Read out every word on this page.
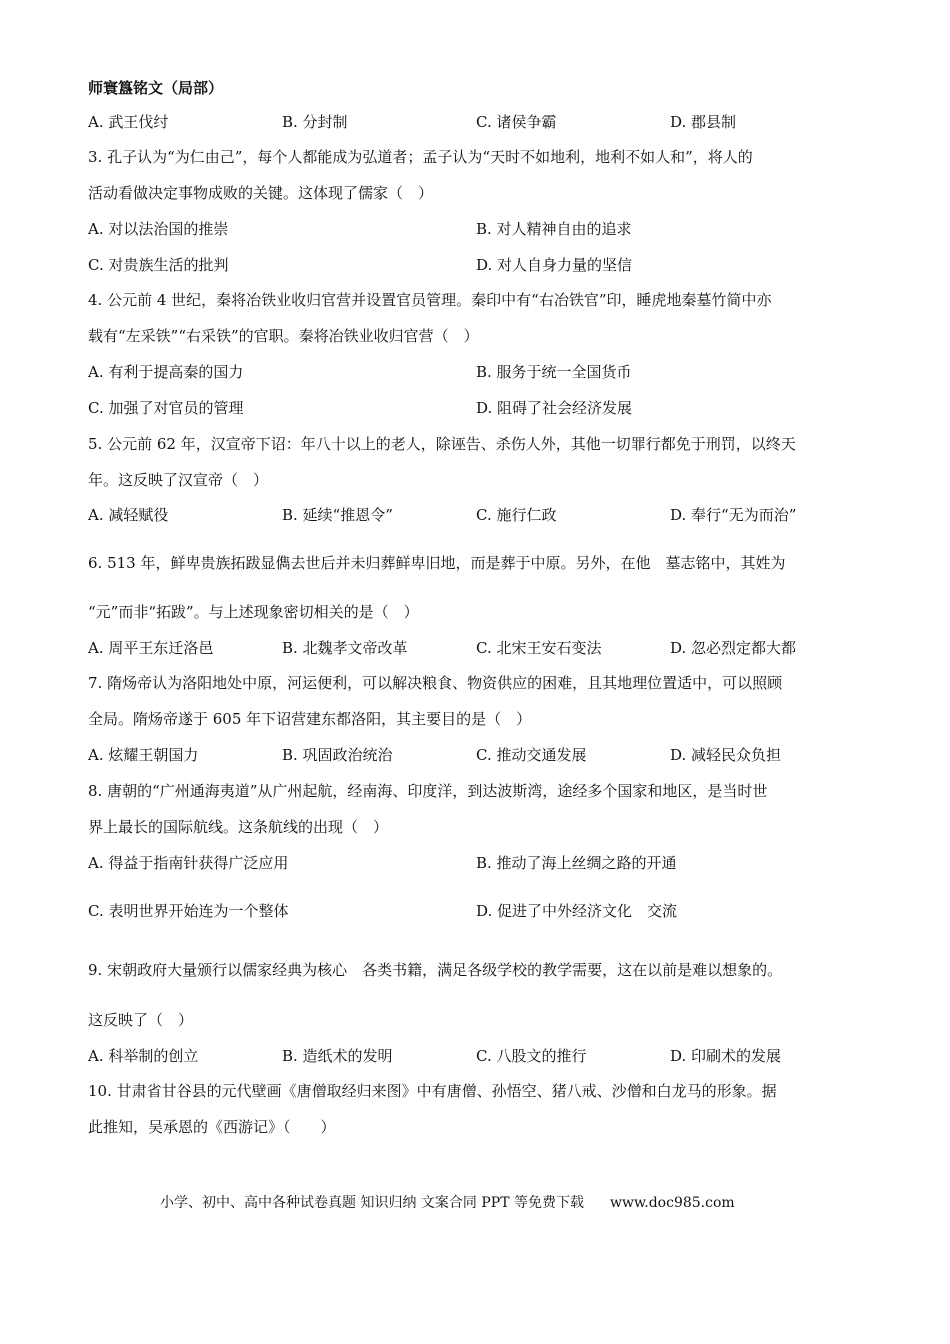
师寰簋铭文（局部）
A. 武王伐纣	B. 分封制	C. 诸侯争霸	D. 郡县制
3. 孔子认为“为仁由己”，每个人都能成为弘道者；孟子认为“天时不如地利，地利不如人和”，将人的
活动看做决定事物成败的关键。这体现了儒家（　）
A. 对以法治国的推崇	B. 对人精神自由的追求
C. 对贵族生活的批判	D. 对人自身力量的坚信
4. 公元前 4 世纪，秦将冶铁业收归官营并设置官员管理。秦印中有“右冶铁官”印，睡虎地秦墓竹简中亦
载有“左采铁”“右采铁”的官职。秦将冶铁业收归官营（　）
A. 有利于提高秦的国力	B. 服务于统一全国货币
C. 加强了对官员的管理	D. 阻碍了社会经济发展
5. 公元前 62 年，汉宣帝下诏：年八十以上的老人，除诬告、杀伤人外，其他一切罪行都免于刑罚，以终天
年。这反映了汉宣帝（　）
A. 减轻赋役	B. 延续“推恩令”	C. 施行仁政	D. 奉行“无为而治”
6. 513 年，鲜卑贵族拓跋显儁去世后并未归葬鲜卑旧地，而是葬于中原。另外，在他　墓志铭中，其姓为
“元”而非“拓跋”。与上述现象密切相关的是（　）
A. 周平王东迁洛邑	B. 北魏孝文帝改革	C. 北宋王安石变法	D. 忽必烈定都大都
7. 隋炀帝认为洛阳地处中原，河运便利，可以解决粮食、物资供应的困难，且其地理位置适中，可以照顾
全局。隋炀帝遂于 605 年下诏营建东都洛阳，其主要目的是（　）
A. 炫耀王朝国力	B. 巩固政治统治	C. 推动交通发展	D. 减轻民众负担
8. 唐朝的“广州通海夷道”从广州起航，经南海、印度洋，到达波斯湾，途经多个国家和地区，是当时世
界上最长的国际航线。这条航线的出现（　）
A. 得益于指南针获得广泛应用	B. 推动了海上丝绸之路的开通
C. 表明世界开始连为一个整体	D. 促进了中外经济文化　交流
9. 宋朝政府大量颁行以儒家经典为核心　各类书籍，满足各级学校的教学需要，这在以前是难以想象的。
这反映了（　）
A. 科举制的创立	B. 造纸术的发明	C. 八股文的推行	D. 印刷术的发展
10. 甘肃省甘谷县的元代壁画《唐僧取经归来图》中有唐僧、孙悟空、猪八戒、沙僧和白龙马的形象。据
此推知，吴承恩的《西游记》（　　）
小学、初中、高中各种试卷真题 知识归纳 文案合同 PPT 等免费下载 www.doc985.com
